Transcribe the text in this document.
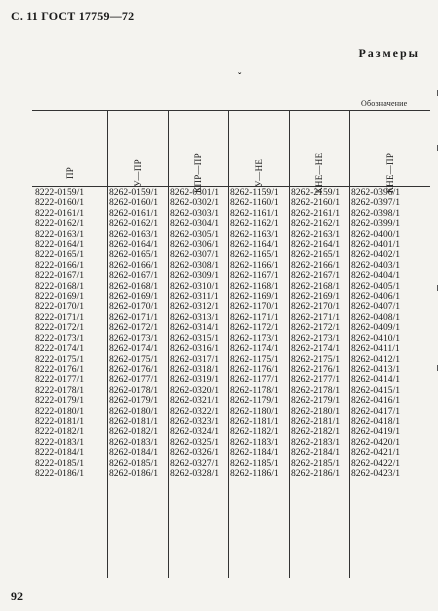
С. 11 ГОСТ 17759—72
Размеры
ˇ
Обозначение
ПР	У—ПР	КПР—ПР	У—НЕ	КНЕ—НЕ	КНЕ—ПР
8222-0159/1	8262-0159/1	8262-0301/1	8262-1159/1	8262-2159/1	8262-0396/1
8222-0160/1	8262-0160/1	8262-0302/1	8262-1160/1	8262-2160/1	8262-0397/1
8222-0161/1	8262-0161/1	8262-0303/1	8262-1161/1	8262-2161/1	8262-0398/1
8222-0162/1	8262-0162/1	8262-0304/1	8262-1162/1	8262-2162/1	8262-0399/1
8222-0163/1	8262-0163/1	8262-0305/1	8262-1163/1	8262-2163/1	8262-0400/1
8222-0164/1	8262-0164/1	8262-0306/1	8262-1164/1	8262-2164/1	8262-0401/1
8222-0165/1	8262-0165/1	8262-0307/1	8262-1165/1	8262-2165/1	8262-0402/1
8222-0166/1	8262-0166/1	8262-0308/1	8262-1166/1	8262-2166/1	8262-0403/1
8222-0167/1	8262-0167/1	8262-0309/1	8262-1167/1	8262-2167/1	8262-0404/1
8222-0168/1	8262-0168/1	8262-0310/1	8262-1168/1	8262-2168/1	8262-0405/1
8222-0169/1	8262-0169/1	8262-0311/1	8262-1169/1	8262-2169/1	8262-0406/1
8222-0170/1	8262-0170/1	8262-0312/1	8262-1170/1	8262-2170/1	8262-0407/1
8222-0171/1	8262-0171/1	8262-0313/1	8262-1171/1	8262-2171/1	8262-0408/1
8222-0172/1	8262-0172/1	8262-0314/1	8262-1172/1	8262-2172/1	8262-0409/1
8222-0173/1	8262-0173/1	8262-0315/1	8262-1173/1	8262-2173/1	8262-0410/1
8222-0174/1	8262-0174/1	8262-0316/1	8262-1174/1	8262-2174/1	8262-0411/1
8222-0175/1	8262-0175/1	8262-0317/1	8262-1175/1	8262-2175/1	8262-0412/1
8222-0176/1	8262-0176/1	8262-0318/1	8262-1176/1	8262-2176/1	8262-0413/1
8222-0177/1	8262-0177/1	8262-0319/1	8262-1177/1	8262-2177/1	8262-0414/1
8222-0178/1	8262-0178/1	8262-0320/1	8262-1178/1	8262-2178/1	8262-0415/1
8222-0179/1	8262-0179/1	8262-0321/1	8262-1179/1	8262-2179/1	8262-0416/1
8222-0180/1	8262-0180/1	8262-0322/1	8262-1180/1	8262-2180/1	8262-0417/1
8222-0181/1	8262-0181/1	8262-0323/1	8262-1181/1	8262-2181/1	8262-0418/1
8222-0182/1	8262-0182/1	8262-0324/1	8262-1182/1	8262-2182/1	8262-0419/1
8222-0183/1	8262-0183/1	8262-0325/1	8262-1183/1	8262-2183/1	8262-0420/1
8222-0184/1	8262-0184/1	8262-0326/1	8262-1184/1	8262-2184/1	8262-0421/1
8222-0185/1	8262-0185/1	8262-0327/1	8262-1185/1	8262-2185/1	8262-0422/1
8222-0186/1	8262-0186/1	8262-0328/1	8262-1186/1	8262-2186/1	8262-0423/1
92
